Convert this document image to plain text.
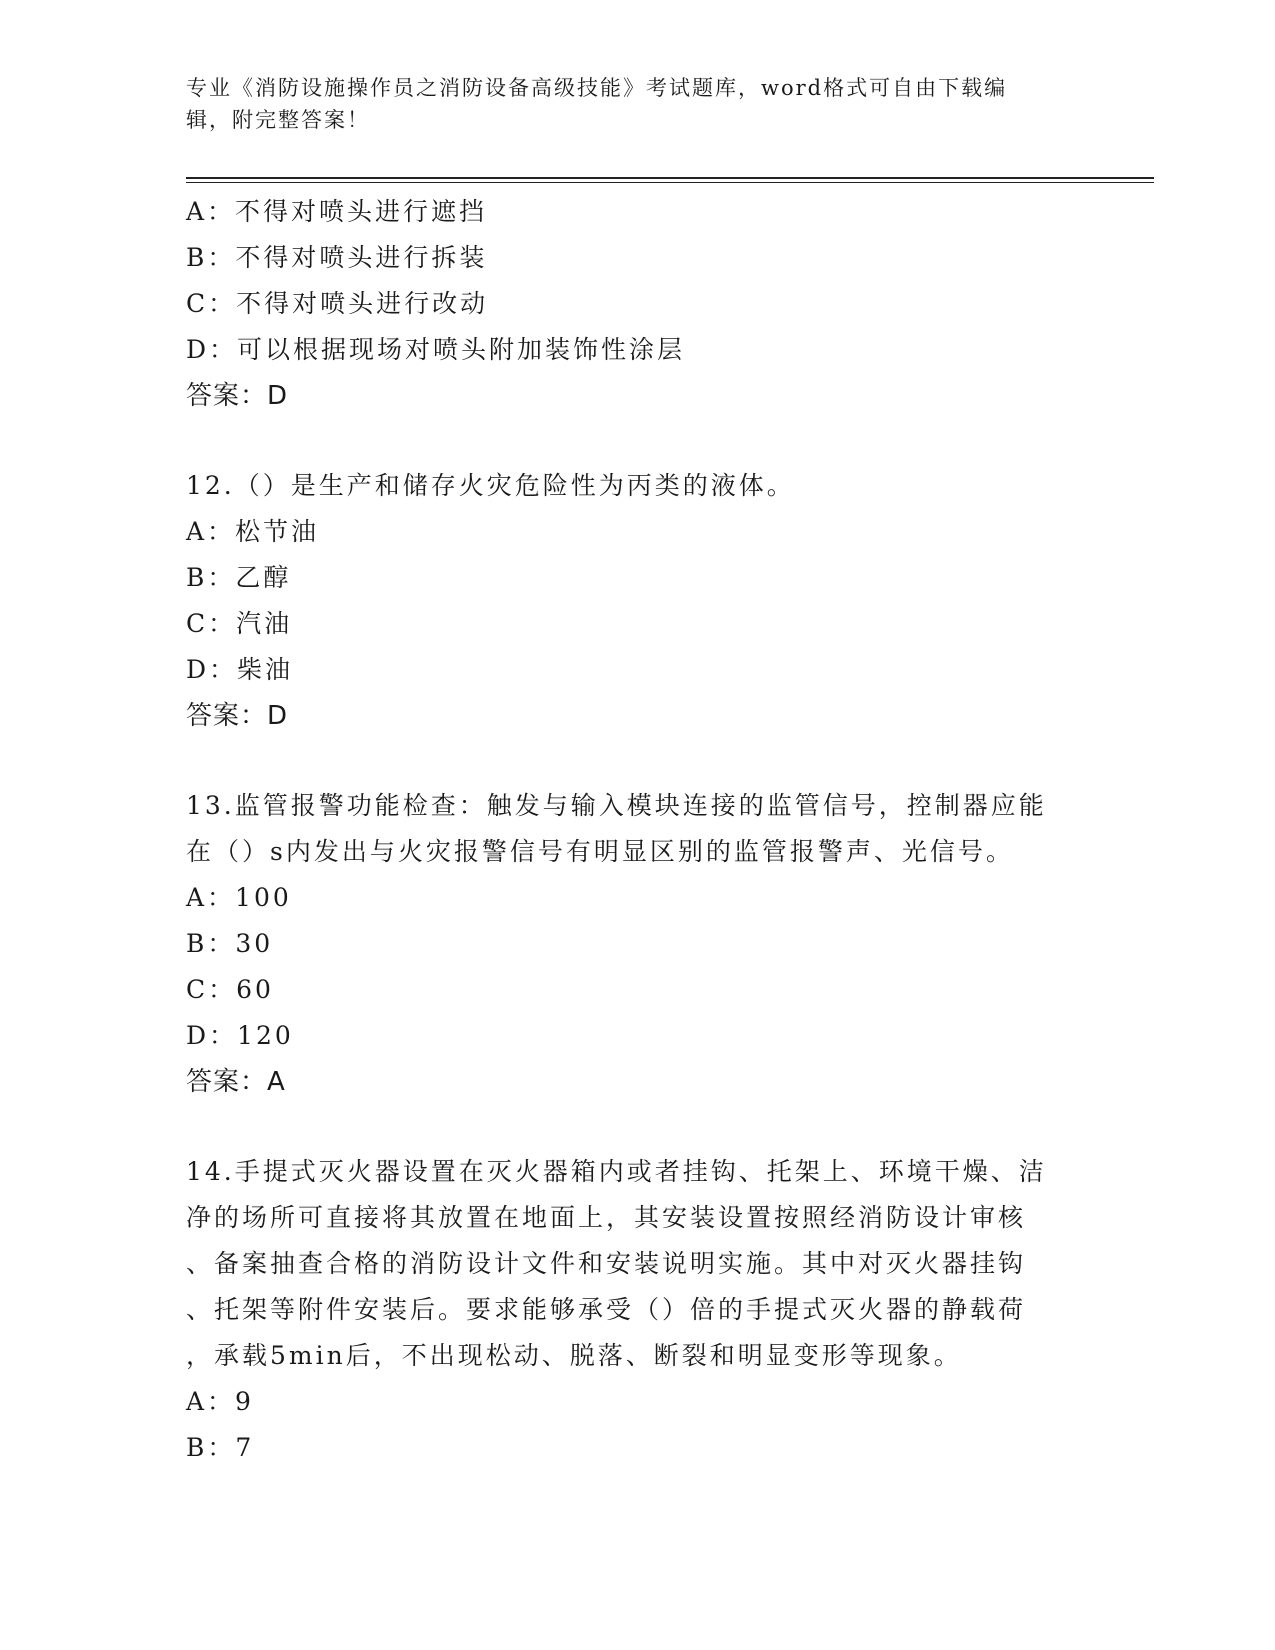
专业《消防设施操作员之消防设备高级技能》考试题库，word格式可自由下载编
辑，附完整答案！
A：不得对喷头进行遮挡
B：不得对喷头进行拆装
C：不得对喷头进行改动
D：可以根据现场对喷头附加装饰性涂层
答案：D
12.（）是生产和储存火灾危险性为丙类的液体。
A：松节油
B：乙醇
C：汽油
D：柴油
答案：D
13.监管报警功能检查：触发与输入模块连接的监管信号，控制器应能
在（）s内发出与火灾报警信号有明显区别的监管报警声、光信号。
A：100
B：30
C：60
D：120
答案：A
14.手提式灭火器设置在灭火器箱内或者挂钩、托架上、环境干燥、洁
净的场所可直接将其放置在地面上，其安装设置按照经消防设计审核
、备案抽查合格的消防设计文件和安装说明实施。其中对灭火器挂钩
、托架等附件安装后。要求能够承受（）倍的手提式灭火器的静载荷
，承载5min后，不出现松动、脱落、断裂和明显变形等现象。
A：9
B：7
